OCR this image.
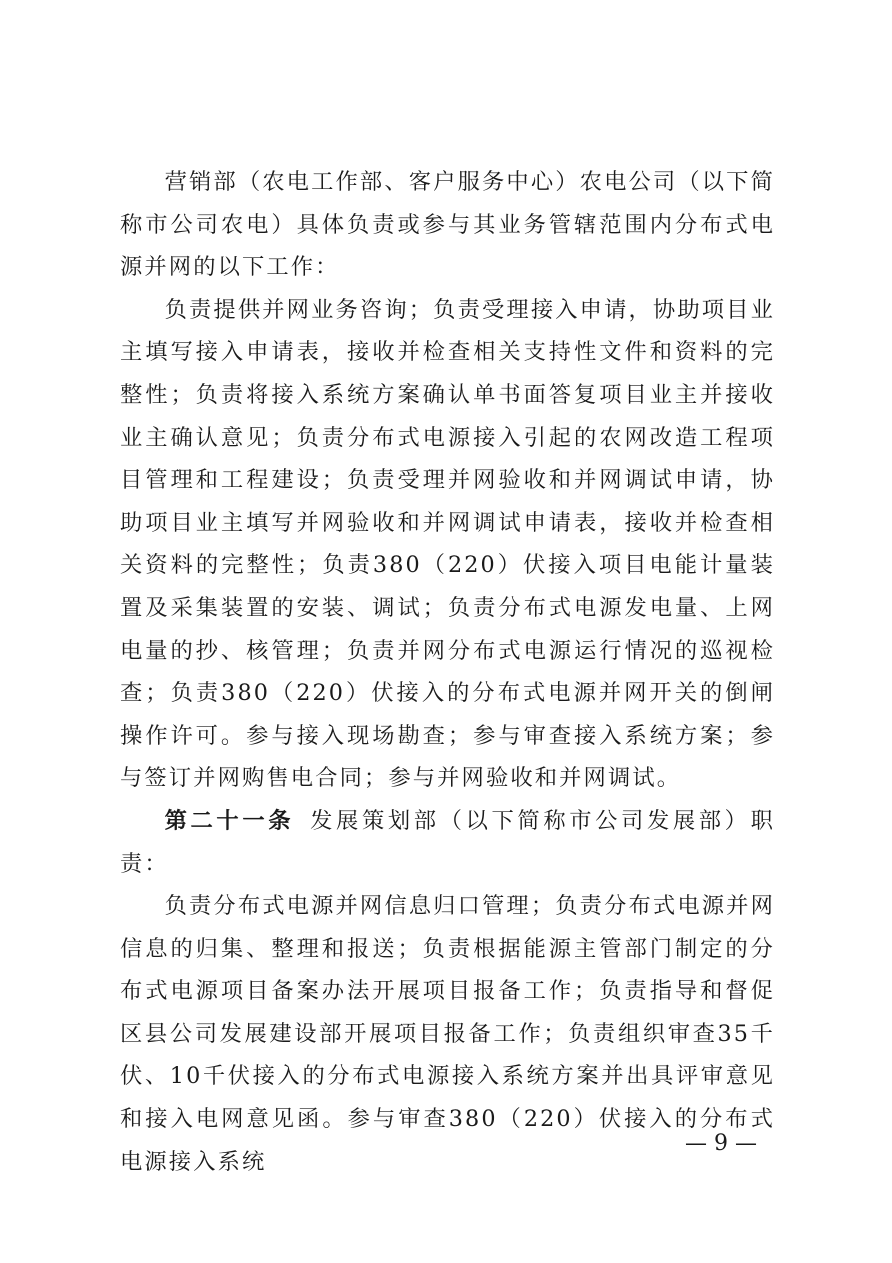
营销部（农电工作部、客户服务中心）农电公司（以下简称市公司农电）具体负责或参与其业务管辖范围内分布式电源并网的以下工作：

负责提供并网业务咨询；负责受理接入申请，协助项目业主填写接入申请表，接收并检查相关支持性文件和资料的完整性；负责将接入系统方案确认单书面答复项目业主并接收业主确认意见；负责分布式电源接入引起的农网改造工程项目管理和工程建设；负责受理并网验收和并网调试申请，协助项目业主填写并网验收和并网调试申请表，接收并检查相关资料的完整性；负责380（220）伏接入项目电能计量装置及采集装置的安装、调试；负责分布式电源发电量、上网电量的抄、核管理；负责并网分布式电源运行情况的巡视检查；负责380（220）伏接入的分布式电源并网开关的倒闸操作许可。参与接入现场勘查；参与审查接入系统方案；参与签订并网购售电合同；参与并网验收和并网调试。

第二十一条 发展策划部（以下简称市公司发展部）职责：

负责分布式电源并网信息归口管理；负责分布式电源并网信息的归集、整理和报送；负责根据能源主管部门制定的分布式电源项目备案办法开展项目报备工作；负责指导和督促区县公司发展建设部开展项目报备工作；负责组织审查35千伏、10千伏接入的分布式电源接入系统方案并出具评审意见和接入电网意见函。参与审查380（220）伏接入的分布式电源接入系统

— 9 —
